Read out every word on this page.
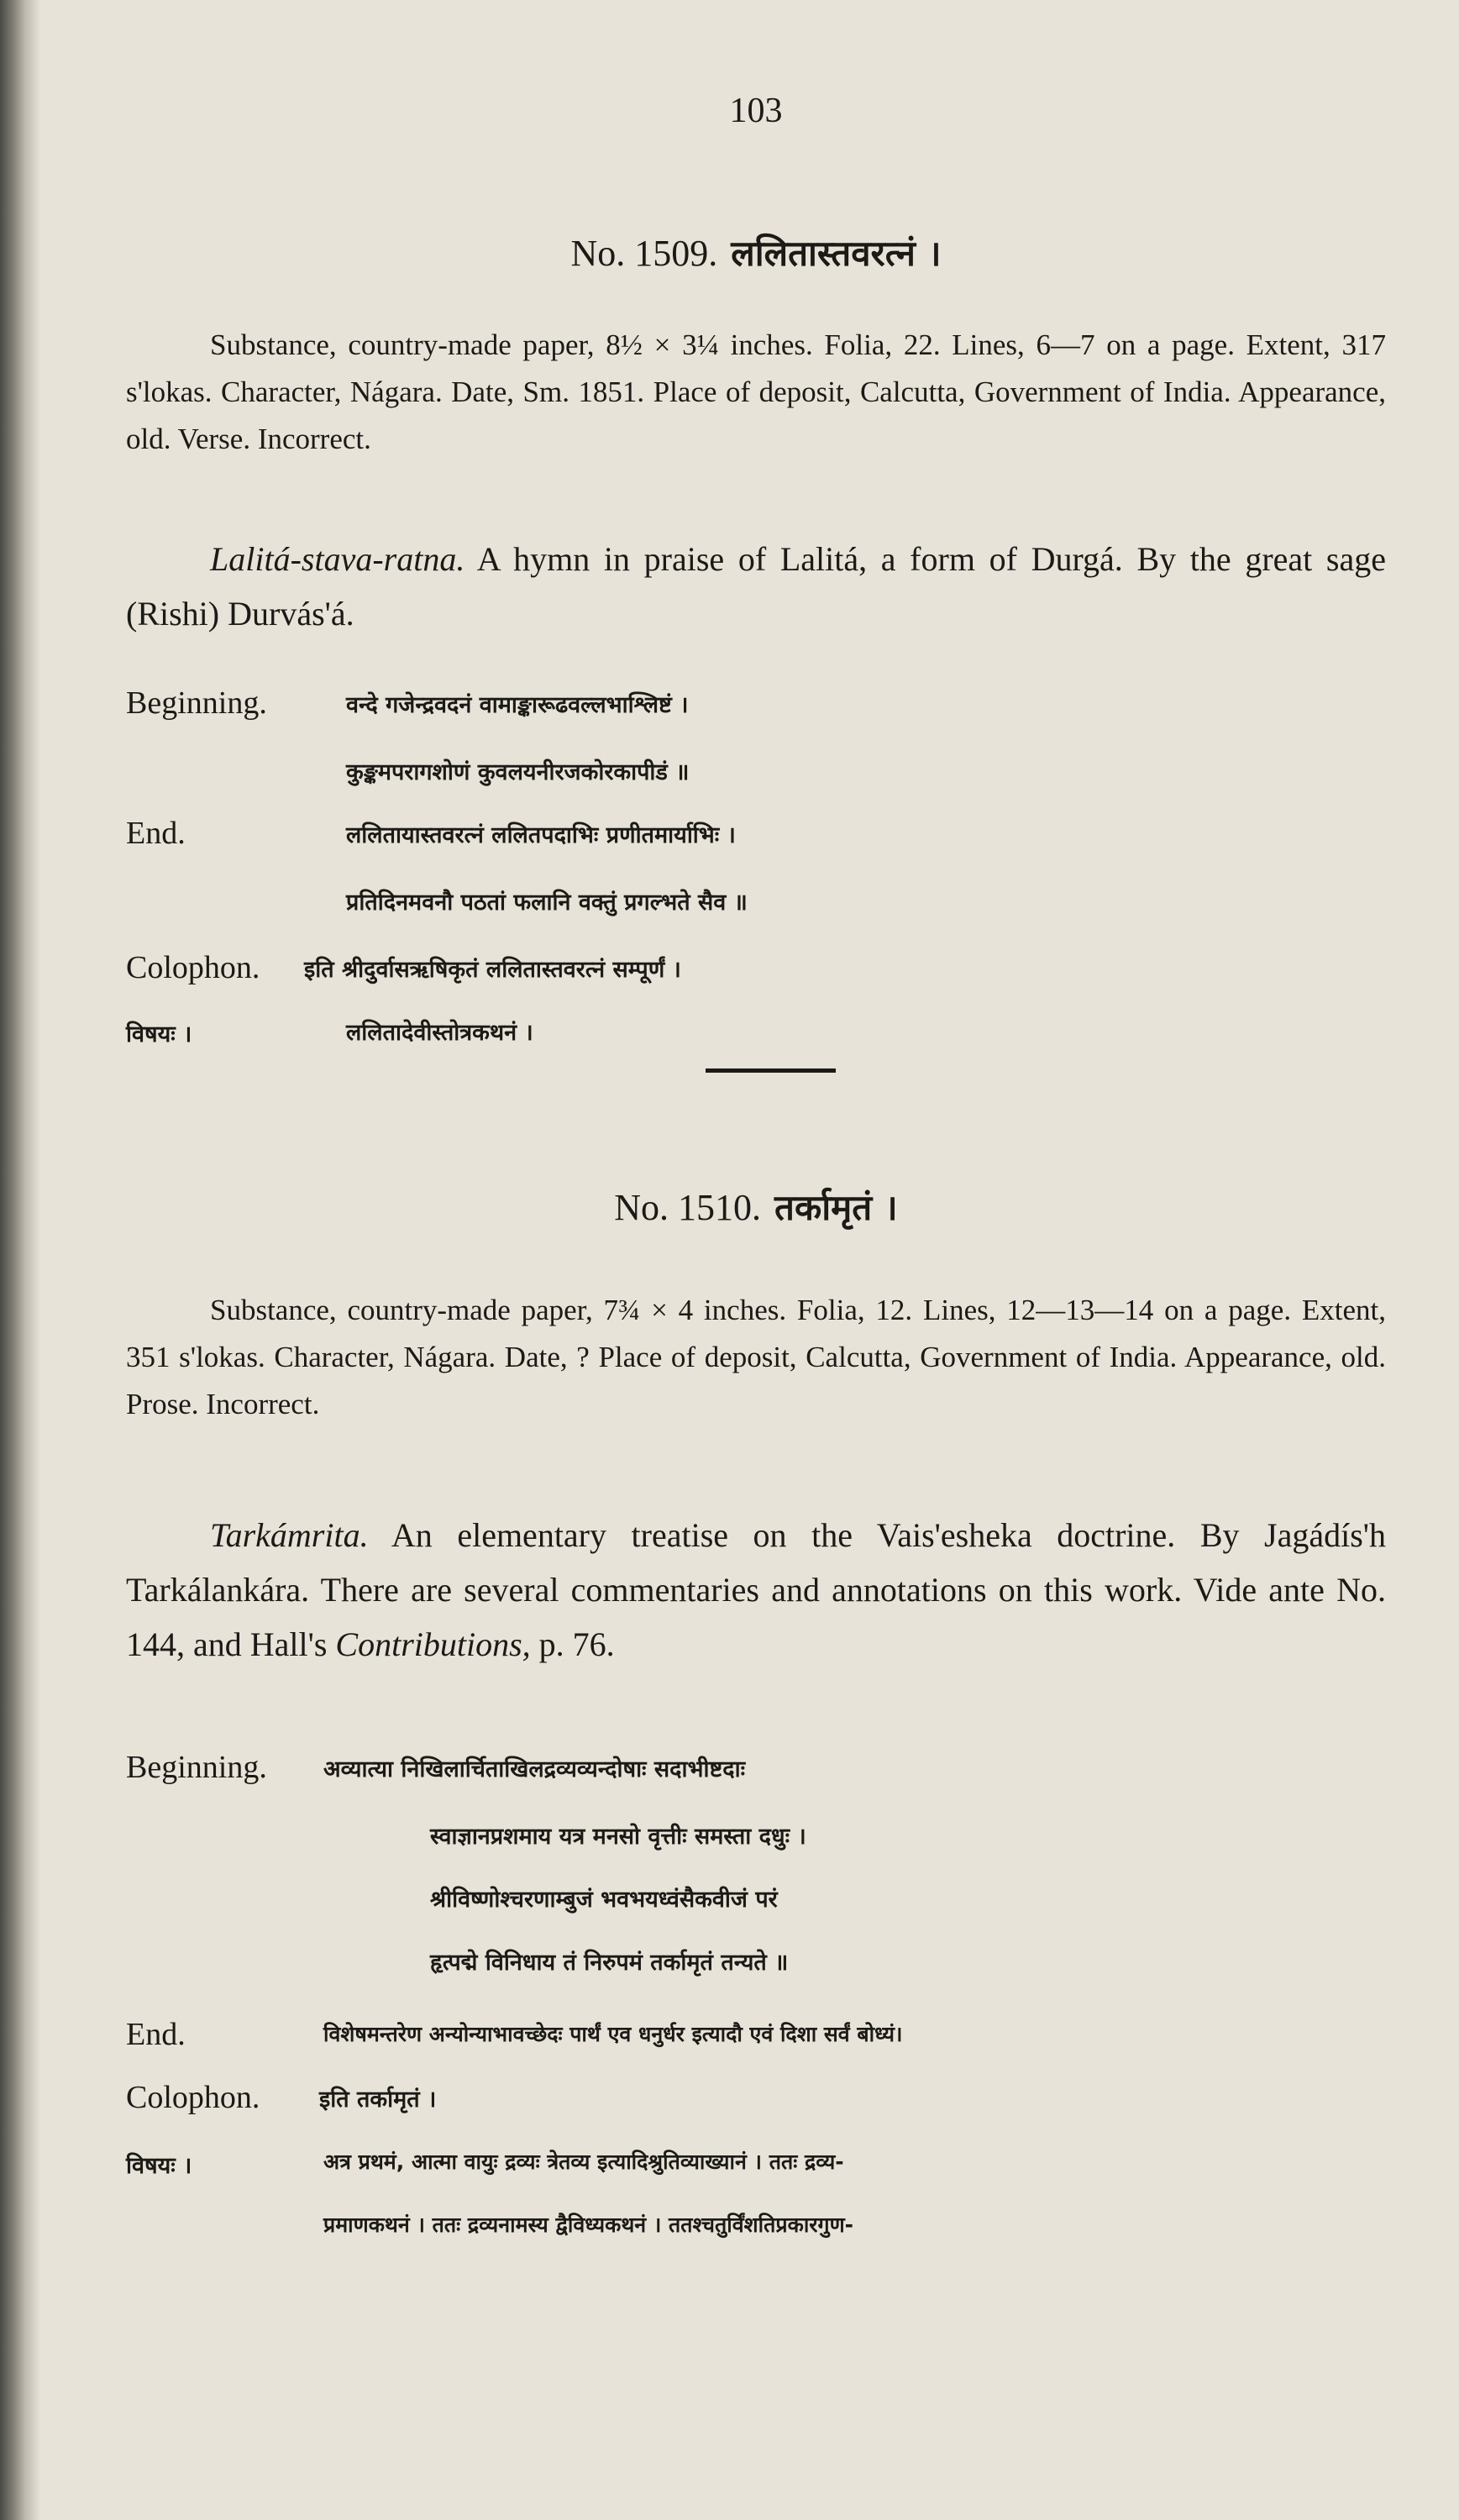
103
No. 1509. ललितास्तवरत्नं ।
Substance, country-made paper, 8½ × 3¼ inches. Folia, 22. Lines, 6—7 on a page. Extent, 317 s'lokas. Character, Nágara. Date, Sm. 1851. Place of deposit, Calcutta, Government of India. Appearance, old. Verse. Incorrect.
Lalitá-stava-ratna. A hymn in praise of Lalitá, a form of Durgá. By the great sage (Rishi) Durvás'á.
Beginning.	वन्दे गजेन्द्रवदनं वामाङ्कारूढवल्लभाश्लिष्टं ।
कुङ्कमपरागशोणं कुवलयनीरजकोरकापीडं ॥
End.	ललितायास्तवरत्नं ललितपदाभिः प्रणीतमार्याभिः ।
प्रतिदिनमवनौ पठतां फलानि वक्तुं प्रगल्भते सैव ॥
Colophon. इति श्रीदुर्वासऋषिकृतं ललितास्तवरत्नं सम्पूर्णं ।
विषयः ।	ललितादेवीस्तोत्रकथनं ।
No. 1510. तर्कामृतं ।
Substance, country-made paper, 7¾ × 4 inches. Folia, 12. Lines, 12—13—14 on a page. Extent, 351 s'lokas. Character, Nágara. Date, ? Place of deposit, Calcutta, Government of India. Appearance, old. Prose. Incorrect.
Tarkámrita. An elementary treatise on the Vais'esheka doctrine. By Jagádís'h Tarkálankára. There are several commentaries and annotations on this work. Vide ante No. 144, and Hall's Contributions, p. 76.
Beginning. अव्यात्या निखिलार्चिताखिलद्रव्यव्यन्दोषाः सदाभीष्टदाः
स्वाज्ञानप्रशमाय यत्र मनसो वृत्तीः समस्ता दधुः ।
श्रीविष्णोश्चरणाम्बुजं भवभयध्वंसैकवीजं परं
हृत्पद्मे विनिधाय तं निरुपमं तर्कामृतं तन्यते ॥
End.	विशेषमन्तरेण अन्योन्याभावच्छेदः पार्थं एव धनुर्धर इत्यादौ एवं दिशा सर्वं बोध्यं।
Colophon.	इति तर्कामृतं ।
विषयः ।	अत्र प्रथमं, आत्मा वायुः द्रव्यः त्रेतव्य इत्यादिश्रुतिव्याख्यानं । ततः द्रव्य-
प्रमाणकथनं । ततः द्रव्यनामस्य द्वैविध्यकथनं । ततश्चतुर्विंशतिप्रकारगुण-
